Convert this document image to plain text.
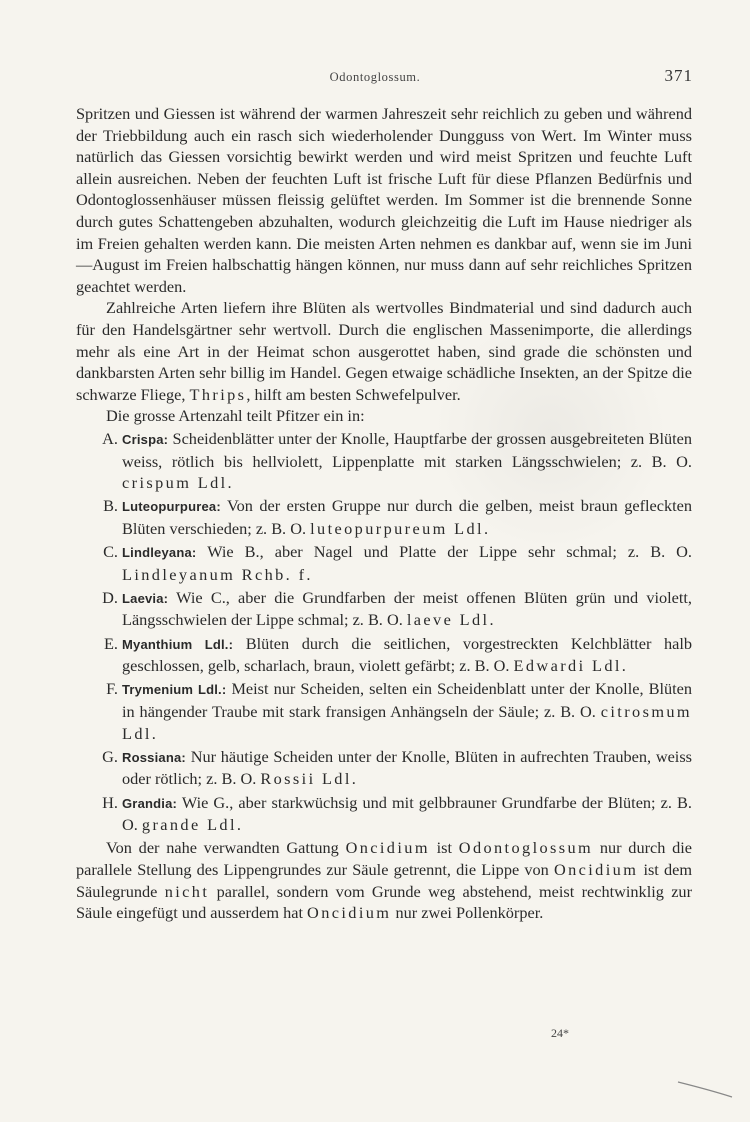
Odontoglossum.	371

Spritzen und Giessen ist während der warmen Jahreszeit sehr reichlich zu geben und während der Triebbildung auch ein rasch sich wiederholender Dungguss von Wert. Im Winter muss natürlich das Giessen vorsichtig bewirkt werden und wird meist Spritzen und feuchte Luft allein ausreichen. Neben der feuchten Luft ist frische Luft für diese Pflanzen Bedürfnis und Odontoglossenhäuser müssen fleissig gelüftet werden. Im Sommer ist die brennende Sonne durch gutes Schattengeben abzuhalten, wodurch gleichzeitig die Luft im Hause niedriger als im Freien gehalten werden kann. Die meisten Arten nehmen es dankbar auf, wenn sie im Juni—August im Freien halbschattig hängen können, nur muss dann auf sehr reichliches Spritzen geachtet werden.

Zahlreiche Arten liefern ihre Blüten als wertvolles Bindmaterial und sind dadurch auch für den Handelsgärtner sehr wertvoll. Durch die englischen Massenimporte, die allerdings mehr als eine Art in der Heimat schon ausgerottet haben, sind grade die schönsten und dankbarsten Arten sehr billig im Handel. Gegen etwaige schädliche Insekten, an der Spitze die schwarze Fliege, Thrips, hilft am besten Schwefelpulver.

Die grosse Artenzahl teilt Pfitzer ein in:

A. Crispa: Scheidenblätter unter der Knolle, Hauptfarbe der grossen ausgebreiteten Blüten weiss, rötlich bis hellviolett, Lippenplatte mit starken Längsschwielen; z. B. O. crispum Ldl.
B. Luteopurpurea: Von der ersten Gruppe nur durch die gelben, meist braun gefleckten Blüten verschieden; z. B. O. luteopurpureum Ldl.
C. Lindleyana: Wie B., aber Nagel und Platte der Lippe sehr schmal; z. B. O. Lindleyanum Rchb. f.
D. Laevia: Wie C., aber die Grundfarben der meist offenen Blüten grün und violett, Längsschwielen der Lippe schmal; z. B. O. laeve Ldl.
E. Myanthium Ldl.: Blüten durch die seitlichen, vorgestreckten Kelchblätter halb geschlossen, gelb, scharlach, braun, violett gefärbt; z. B. O. Edwardi Ldl.
F. Trymenium Ldl.: Meist nur Scheiden, selten ein Scheidenblatt unter der Knolle, Blüten in hängender Traube mit stark fransigen Anhängseln der Säule; z. B. O. citrosmum Ldl.
G. Rossiana: Nur häutige Scheiden unter der Knolle, Blüten in aufrechten Trauben, weiss oder rötlich; z. B. O. Rossii Ldl.
H. Grandia: Wie G., aber starkwüchsig und mit gelbbrauner Grundfarbe der Blüten; z. B. O. grande Ldl.

Von der nahe verwandten Gattung Oncidium ist Odontoglossum nur durch die parallele Stellung des Lippengrundes zur Säule getrennt, die Lippe von Oncidium ist dem Säulegrunde nicht parallel, sondern vom Grunde weg abstehend, meist rechtwinklig zur Säule eingefügt und ausserdem hat Oncidium nur zwei Pollenkörper.

24*
